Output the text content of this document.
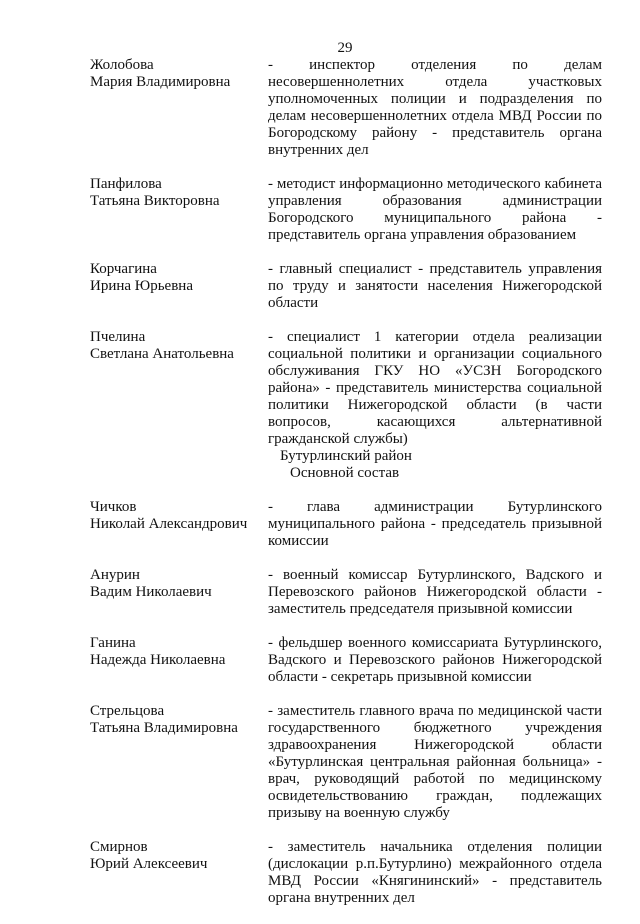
29
Жолобова
Мария Владимировна
- инспектор отделения по делам несовершеннолетних отдела участковых уполномоченных полиции и подразделения по делам несовершеннолетних отдела МВД России по Богородскому району - представитель органа внутренних дел
Панфилова
Татьяна Викторовна
- методист информационно методического кабинета управления образования администрации Богородского муниципального района - представитель органа управления образованием
Корчагина
Ирина Юрьевна
- главный специалист - представитель управления по труду и занятости населения Нижегородской области
Пчелина
Светлана Анатольевна
- специалист 1 категории отдела реализации социальной политики и организации социального обслуживания ГКУ НО «УСЗН Богородского района» - представитель министерства социальной политики Нижегородской области (в части вопросов, касающихся альтернативной гражданской службы)
Бутурлинский район
Основной состав
Чичков
Николай Александрович
- глава администрации Бутурлинского муниципального района - председатель призывной комиссии
Анурин
Вадим Николаевич
- военный комиссар Бутурлинского, Вадского и Перевозского районов Нижегородской области - заместитель председателя призывной комиссии
Ганина
Надежда Николаевна
- фельдшер военного комиссариата Бутурлинского, Вадского и Перевозского районов Нижегородской области - секретарь призывной комиссии
Стрельцова
Татьяна Владимировна
- заместитель главного врача по медицинской части государственного бюджетного учреждения здравоохранения Нижегородской области «Бутурлинская центральная районная больница» - врач, руководящий работой по медицинскому освидетельствованию граждан, подлежащих призыву на военную службу
Смирнов
Юрий Алексеевич
- заместитель начальника отделения полиции (дислокации р.п.Бутурлино) межрайонного отдела МВД России «Княгининский» - представитель органа внутренних дел
